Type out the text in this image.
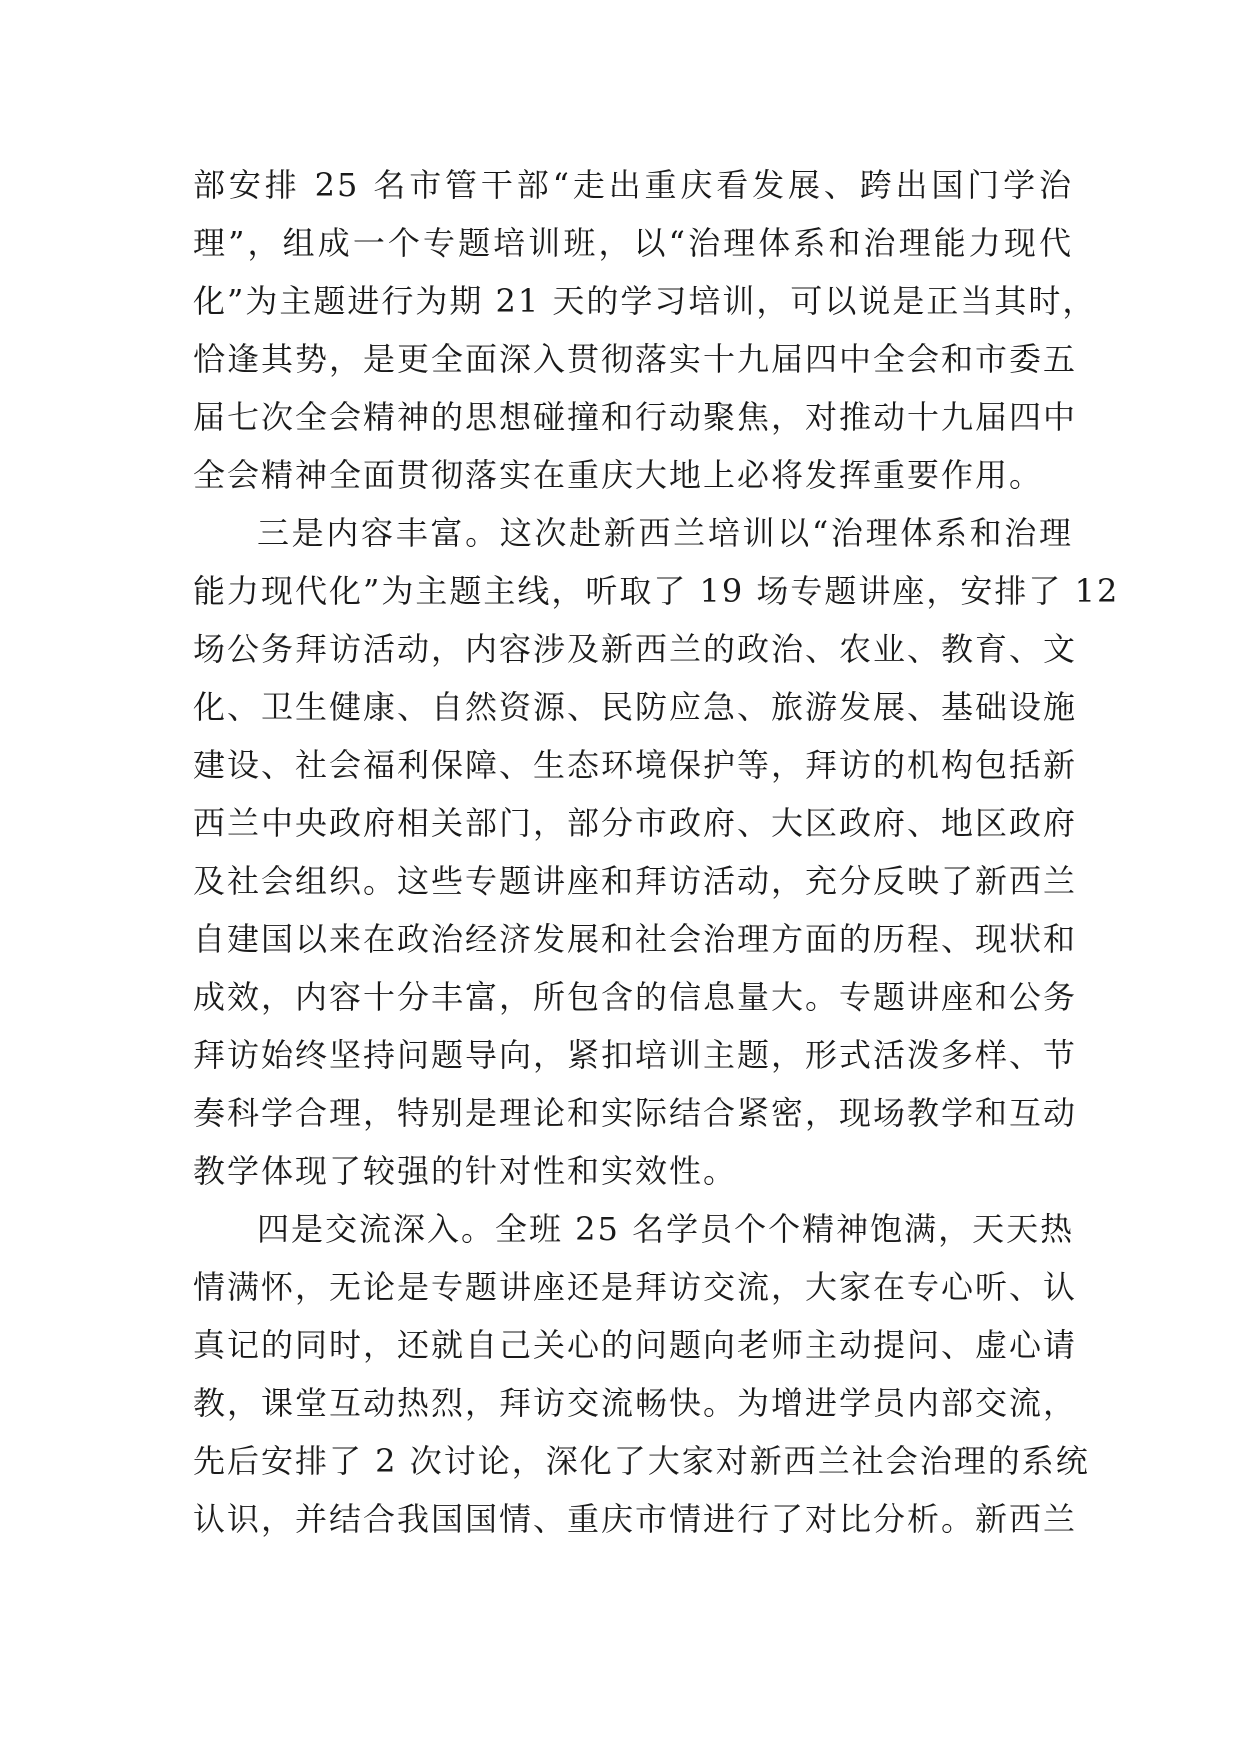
部安排 25 名市管干部“走出重庆看发展、跨出国门学治
理”，组成一个专题培训班，以“治理体系和治理能力现代
化”为主题进行为期 21 天的学习培训，可以说是正当其时，
恰逢其势，是更全面深入贯彻落实十九届四中全会和市委五
届七次全会精神的思想碰撞和行动聚焦，对推动十九届四中
全会精神全面贯彻落实在重庆大地上必将发挥重要作用。
三是内容丰富。这次赴新西兰培训以“治理体系和治理
能力现代化”为主题主线，听取了 19 场专题讲座，安排了 12
场公务拜访活动，内容涉及新西兰的政治、农业、教育、文
化、卫生健康、自然资源、民防应急、旅游发展、基础设施
建设、社会福利保障、生态环境保护等，拜访的机构包括新
西兰中央政府相关部门，部分市政府、大区政府、地区政府
及社会组织。这些专题讲座和拜访活动，充分反映了新西兰
自建国以来在政治经济发展和社会治理方面的历程、现状和
成效，内容十分丰富，所包含的信息量大。专题讲座和公务
拜访始终坚持问题导向，紧扣培训主题，形式活泼多样、节
奏科学合理，特别是理论和实际结合紧密，现场教学和互动
教学体现了较强的针对性和实效性。
四是交流深入。全班 25 名学员个个精神饱满，天天热
情满怀，无论是专题讲座还是拜访交流，大家在专心听、认
真记的同时，还就自己关心的问题向老师主动提问、虚心请
教，课堂互动热烈，拜访交流畅快。为增进学员内部交流，
先后安排了 2 次讨论，深化了大家对新西兰社会治理的系统
认识，并结合我国国情、重庆市情进行了对比分析。新西兰
